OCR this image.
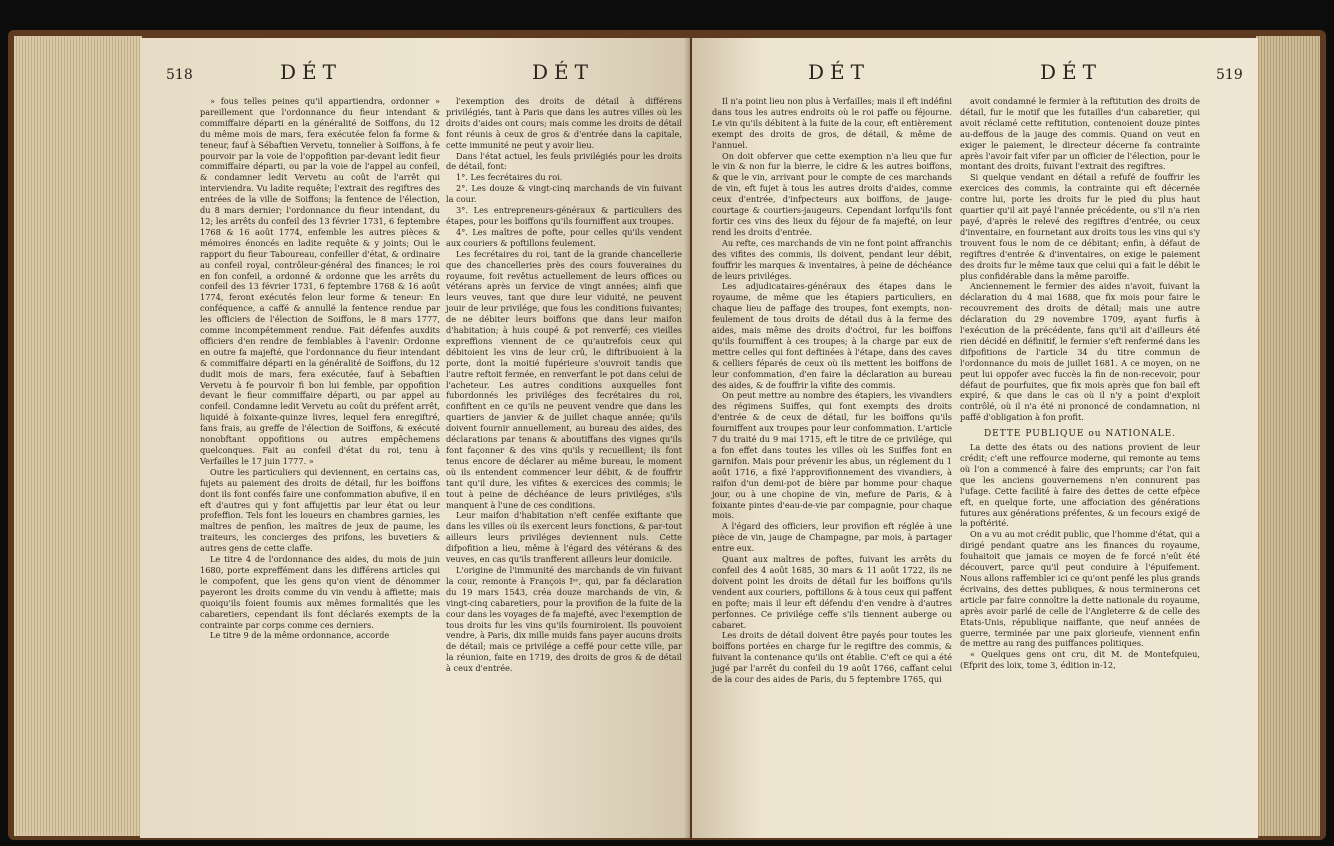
518	DÉT	DÉT

» fous telles peines qu'il appartiendra, ordonner » pareillement que l'ordonnance du fieur intendant & commiffaire départi en la généralité de Soiffons, du 12 du même mois de mars, fera exécutée felon fa forme & teneur, fauf à Sébaftien Vervetu, tonnelier à Soiffons, à fe pourvoir par la voie de l'oppofition par-devant ledit fieur commiffaire départi, ou par la voie de l'appel au confeil, & condamner ledit Vervetu au coût de l'arrêt qui interviendra. Vu ladite requête; l'extrait des regiftres des entrées de la ville de Soiffons; la fentence de l'élection, du 8 mars dernier; l'ordonnance du fieur intendant, du 12; les arrêts du confeil des 13 février 1731, 6 feptembre 1768 & 16 août 1774, enfemble les autres pièces & mémoires énoncés en ladite requête & y joints; Oui le rapport du fieur Taboureau, confeiller d'état, & ordinaire au confeil royal, contrôleur-général des finances; le roi en fon confeil, a ordonné & ordonne que les arrêts du confeil des 13 février 1731, 6 feptembre 1768 & 16 août 1774, feront exécutés felon leur forme & teneur: En conféquence, a caffé & annullé la fentence rendue par les officiers de l'élection de Soiffons, le 8 mars 1777, comme incompétemment rendue. Fait défenfes auxdits officiers d'en rendre de femblables à l'avenir: Ordonne en outre fa majefté, que l'ordonnance du fieur intendant & commiffaire départi en la généralité de Soiffons, du 12 dudit mois de mars, fera exécutée, fauf à Sebaftien Vervetu à fe pourvoir fi bon lui femble, par oppofition devant le fieur commiffaire départi, ou par appel au confeil. Condamne ledit Vervetu au coût du préfent arrêt, liquidé à foixante-quinze livres, lequel fera enregiftré, fans frais, au greffe de l'élection de Soiffons, & exécuté nonobftant oppofitions ou autres empêchemens quelconques. Fait au confeil d'état du roi, tenu à Verfailles le 17 juin 1777. »

Outre les particuliers qui deviennent, en certains cas, fujets au paiement des droits de détail, fur les boiffons dont ils font confés faire une confommation abufive, il en eft d'autres qui y font affujettis par leur état ou leur profeffion. Tels font les loueurs en chambres garnies, les maîtres de penfion, les maîtres de jeux de paume, les traiteurs, les concierges des prifons, les buvetiers & autres gens de cette claffe.

Le titre 4 de l'ordonnance des aides, du mois de juin 1680, porte expreffément dans les différens articles qui le compofent, que les gens qu'on vient de dénommer payeront les droits comme du vin vendu à affiette; mais quoiqu'ils foient foumis aux mêmes formalités que les cabaretiers, cependant ils font déclarés exempts de la contrainte par corps comme ces derniers.

Le titre 9 de la même ordonnance, accorde

l'exemption des droits de détail à différens privilégiés, tant à Paris que dans les autres villes où les droits d'aides ont cours; mais comme les droits de détail font réunis à ceux de gros & d'entrée dans la capitale, cette immunité ne peut y avoir lieu.

Dans l'état actuel, les feuls privilégiés pour les droits de détail, font:

1°. Les fecrétaires du roi.

2°. Les douze & vingt-cinq marchands de vin fuivant la cour.

3°. Les entrepreneurs-généraux & particuliers des étapes, pour les boiffons qu'ils fourniffent aux troupes.

4°. Les maîtres de pofte, pour celles qu'ils vendent aux couriers & poftillons feulement.

Les fecrétaires du roi, tant de la grande chancellerie que des chancelleries près des cours fouveraines du royaume, foit revêtus actuellement de leurs offices ou vétérans après un fervice de vingt années; ainfi que leurs veuves, tant que dure leur viduité, ne peuvent jouir de leur privilége, que fous les conditions fuivantes; de ne débiter leurs boiffons que dans leur maifon d'habitation; à huis coupé & pot renverfé; ces vieilles expreffions viennent de ce qu'autrefois ceux qui débitoient les vins de leur crû, le diftribuoient à la porte, dont la moitié fupérieure s'ouvroit tandis que l'autre reftoit fermée, en renverfant le pot dans celui de l'acheteur. Les autres conditions auxquelles font fubordonnés les priviléges des fecrétaires du roi, confiftent en ce qu'ils ne peuvent vendre que dans les quartiers de janvier & de juillet chaque année; qu'ils doivent fournir annuellement, au bureau des aides, des déclarations par tenans & aboutiffans des vignes qu'ils font façonner & des vins qu'ils y recueillent; ils font tenus encore de déclarer au même bureau, le moment où ils entendent commencer leur débit, & de fouffrir tant qu'il dure, les vifites & exercices des commis; le tout à peine de déchéance de leurs priviléges, s'ils manquent à l'une de ces conditions.

Leur maifon d'habitation n'eft cenfée exiftante que dans les villes où ils exercent leurs fonctions, & par-tout ailleurs leurs priviléges deviennent nuls. Cette difpofition a lieu, même à l'égard des vétérans & des veuves, en cas qu'ils tranfferent ailleurs leur domicile.

L'origine de l'immunité des marchands de vin fuivant la cour, remonte à François Iᵉʳ, qui, par fa déclaration du 19 mars 1543, créa douze marchands de vin, & vingt-cinq cabaretiers, pour la provifion de la fuite de la cour dans les voyages de fa majefté, avec l'exemption de tous droits fur les vins qu'ils fourniroient. Ils pouvoient vendre, à Paris, dix mille muids fans payer aucuns droits de détail; mais ce privilége a ceffé pour cette ville, par la réunion, faite en 1719, des droits de gros & de détail à ceux d'entrée.

DÉT	DÉT	519

Il n'a point lieu non plus à Verfailles; mais il eft indéfini dans tous les autres endroits où le roi paffe ou féjourne. Le vin qu'ils débitent à la fuite de la cour, eft entièrement exempt des droits de gros, de détail, & même de l'annuel.

On doit obferver que cette exemption n'a lieu que fur le vin & non fur la bierre, le cidre & les autres boiffons, & que le vin, arrivant pour le compte de ces marchands de vin, eft fujet à tous les autres droits d'aides, comme ceux d'entrée, d'infpecteurs aux boiffons, de jauge-courtage & courtiers-jaugeurs. Cependant lorfqu'ils font fortir ces vins des lieux du féjour de fa majefté, on leur rend les droits d'entrée.

Au refte, ces marchands de vin ne font point affranchis des vifites des commis, ils doivent, pendant leur débit, fouffrir les marques & inventaires, à peine de déchéance de leurs priviléges.

Les adjudicataires-généraux des étapes dans le royaume, de même que les étapiers particuliers, en chaque lieu de paffage des troupes, font exempts, non-feulement de tous droits de détail dus à la ferme des aides, mais même des droits d'oćtroi, fur les boiffons qu'ils fourniffent à ces troupes; à la charge par eux de mettre celles qui font deftinées à l'étape, dans des caves & celliers féparés de ceux où ils mettent les boiffons de leur confommation, d'en faire la déclaration au bureau des aides, & de fouffrir la vifite des commis.

On peut mettre au nombre des étapiers, les vivandiers des régimens Suiffes, qui font exempts des droits d'entrée & de ceux de détail, fur les boiffons qu'ils fourniffent aux troupes pour leur confommation. L'article 7 du traité du 9 mai 1715, eft le titre de ce privilége, qui a fon effet dans toutes les villes où les Suiffes font en garnifon. Mais pour prévenir les abus, un réglement du 1 août 1716, a fixé l'approvifionnement des vivandiers, à raifon d'un demi-pot de bière par homme pour chaque jour, ou à une chopine de vin, mefure de Paris, & à foixante pintes d'eau-de-vie par compagnie, pour chaque mois.

A l'égard des officiers, leur provifion eft réglée à une pièce de vin, jauge de Champagne, par mois, à partager entre eux.

Quant aux maîtres de poftes, fuivant les arrêts du confeil des 4 août 1685, 30 mars & 11 août 1722, ils ne doivent point les droits de détail fur les boiffons qu'ils vendent aux couriers, poftillons & à tous ceux qui paffent en pofte; mais il leur eft défendu d'en vendre à d'autres perfonnes. Ce privilége ceffe s'ils tiennent auberge ou cabaret.

Les droits de détail doivent être payés pour toutes les boiffons portées en charge fur le regiftre des commis, & fuivant la contenance qu'ils ont établie. C'eft ce qui a été jugé par l'arrêt du confeil du 19 août 1766, caffant celui de la cour des aides de Paris, du 5 feptembre 1765, qui

avoit condamné le fermier à la reftitution des droits de détail, fur le motif que les futailles d'un cabaretier, qui avoit réclamé cette reftitution, contenoient douze pintes au-deffous de la jauge des commis. Quand on veut en exiger le paiement, le directeur décerne fa contrainte après l'avoir fait vifer par un officier de l'élection, pour le montant des droits, fuivant l'extrait des regiftres.

Si quelque vendant en détail a refufé de fouffrir les exercices des commis, la contrainte qui eft décernée contre lui, porte les droits fur le pied du plus haut quartier qu'il ait payé l'année précédente, ou s'il n'a rien payé, d'après le relevé des regiftres d'entrée, ou ceux d'inventaire, en fournetant aux droits tous les vins qui s'y trouvent fous le nom de ce débitant; enfin, à défaut de regiftres d'entrée & d'inventaires, on exige le paiement des droits fur le même taux que celui qui a fait le débit le plus confidérable dans la même paroiffe.

Anciennement le fermier des aides n'avoit, fuivant la déclaration du 4 mai 1688, que fix mois pour faire le recouvrement des droits de détail; mais une autre déclaration du 29 novembre 1709, ayant furfis à l'exécution de la précédente, fans qu'il ait d'ailleurs été rien décidé en définitif, le fermier s'eft renfermé dans les difpofitions de l'article 34 du titre commun de l'ordonnance du mois de juillet 1681. A ce moyen, on ne peut lui oppofer avec fuccès la fin de non-recevoir, pour défaut de pourfuites, que fix mois après que fon bail eft expiré, & que dans le cas où il n'y a point d'exploit contrôlé, où il n'a été ni prononcé de condamnation, ni paffé d'obligation à fon profit.

DETTE PUBLIQUE ou NATIONALE.

La dette des états ou des nations provient de leur crédit; c'eft une reffource moderne, qui remonte au tems où l'on a commencé à faire des emprunts; car l'on fait que les anciens gouvernemens n'en connurent pas l'ufage. Cette facilité à faire des dettes de cette efpèce eft, en quelque forte, une affociation des générations futures aux générations préfentes, & un fecours exigé de la poftérité.

On a vu au mot crédit public, que l'homme d'état, qui a dirigé pendant quatre ans les finances du royaume, fouhaitoit que jamais ce moyen de fe forcé n'eût été découvert, parce qu'il peut conduire à l'épuifement. Nous allons raffembler ici ce qu'ont penfé les plus grands écrivains, des dettes publiques, & nous terminerons cet article par faire connoître la dette nationale du royaume, après avoir parlé de celle de l'Angleterre & de celle des États-Unis, république naiffante, que neuf années de guerre, terminée par une paix glorieufe, viennent enfin de mettre au rang des puiffances politiques.

« Quelques gens ont cru, dit M. de Montefquieu, (Efprit des loix, tome 3, édition in-12,
